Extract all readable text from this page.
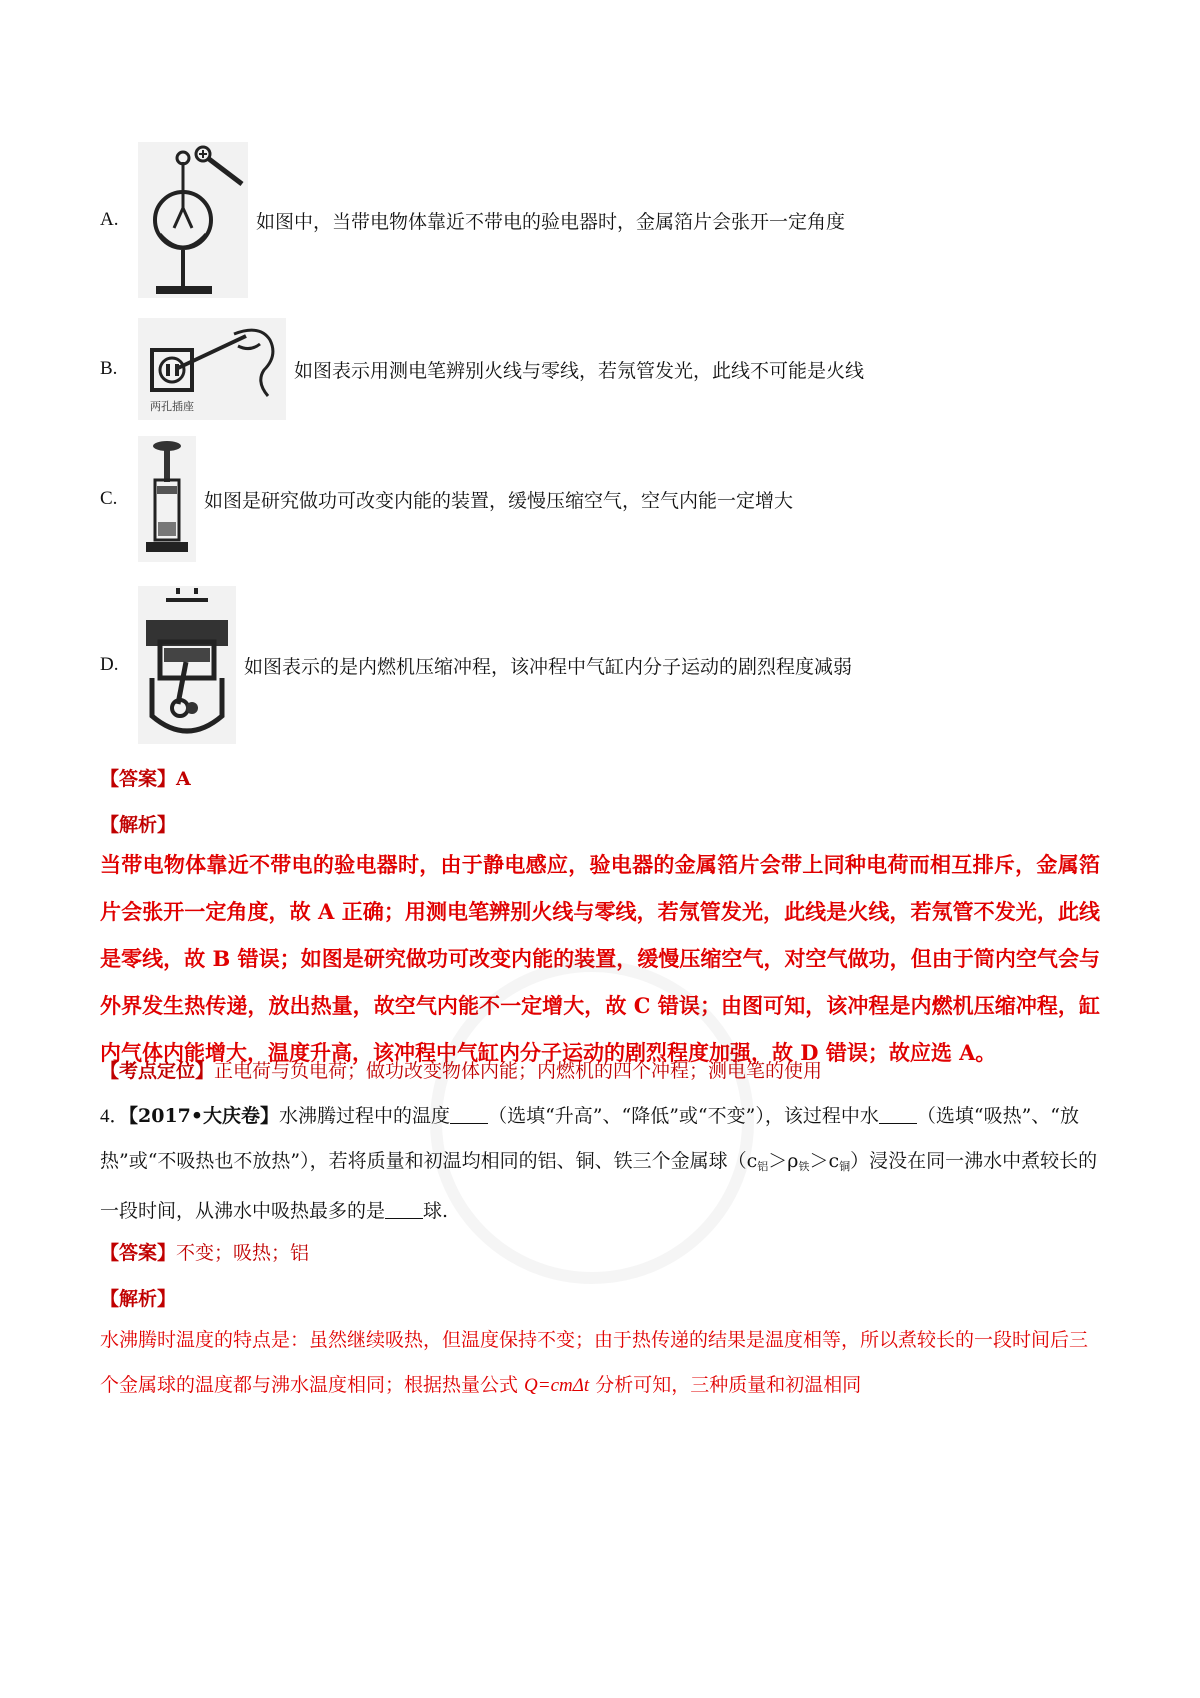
A.	如图中，当带电物体靠近不带电的验电器时，金属箔片会张开一定角度
B.
两孔插座
如图表示用测电笔辨别火线与零线，若氖管发光，此线不可能是火线
C.	如图是研究做功可改变内能的装置，缓慢压缩空气，空气内能一定增大
D.	如图表示的是内燃机压缩冲程，该冲程中气缸内分子运动的剧烈程度减弱
【答案】A
【解析】
当带电物体靠近不带电的验电器时，由于静电感应，验电器的金属箔片会带上同种电荷而相互排斥，金属箔片会张开一定角度，故 A 正确；用测电笔辨别火线与零线，若氖管发光，此线是火线，若氖管不发光，此线是零线，故 B 错误；如图是研究做功可改变内能的装置，缓慢压缩空气，对空气做功，但由于筒内空气会与外界发生热传递，放出热量，故空气内能不一定增大，故 C 错误；由图可知，该冲程是内燃机压缩冲程，缸内气体内能增大，温度升高，该冲程中气缸内分子运动的剧烈程度加强，故 D 错误；故应选 A。
【考点定位】正电荷与负电荷；做功改变物体内能；内燃机的四个冲程；测电笔的使用
4．【2017•大庆卷】水沸腾过程中的温度 （选填“升高”、“降低”或“不变”），该过程中水 （选填“吸热”、“放热”或“不吸热也不放热”），若将质量和初温均相同的铝、铜、铁三个金属球$(c_铝>\rho_铁>c_铜)$浸没在同一沸水中煮较长的一段时间，从沸水中吸热最多的是 球.
【答案】不变；吸热；铝
【解析】
水沸腾时温度的特点是：虽然继续吸热，但温度保持不变；由于热传递的结果是温度相等，所以煮较长的一段时间后三个金属球的温度都与沸水温度相同；根据热量公式 Q=cmΔt 分析可知，三种质量和初温相同
